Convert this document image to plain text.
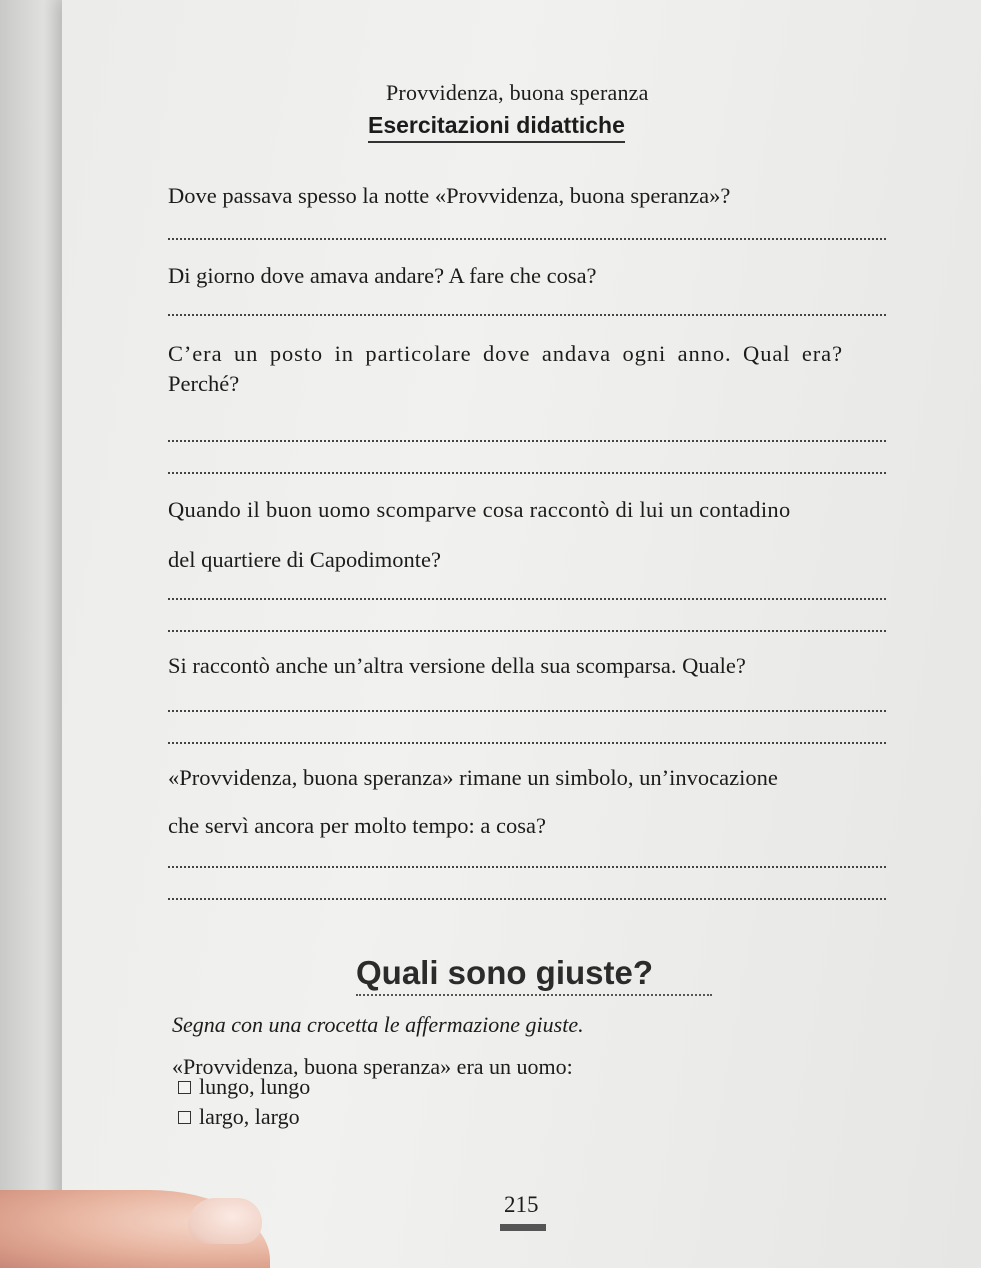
Provvidenza, buona speranza
Esercitazioni didattiche
Dove passava spesso la notte «Provvidenza, buona speranza»?
Di giorno dove amava andare? A fare che cosa?
C’era un posto in particolare dove andava ogni anno. Qual era?
Perché?
Quando il buon uomo scomparve cosa raccontò di lui un contadino
del quartiere di Capodimonte?
Si raccontò anche un’altra versione della sua scomparsa. Quale?
«Provvidenza, buona speranza» rimane un simbolo, un’invocazione
che servì ancora per molto tempo: a cosa?
Quali sono giuste?
Segna con una crocetta le affermazione giuste.
«Provvidenza, buona speranza» era un uomo:
lungo, lungo
largo, largo
215
